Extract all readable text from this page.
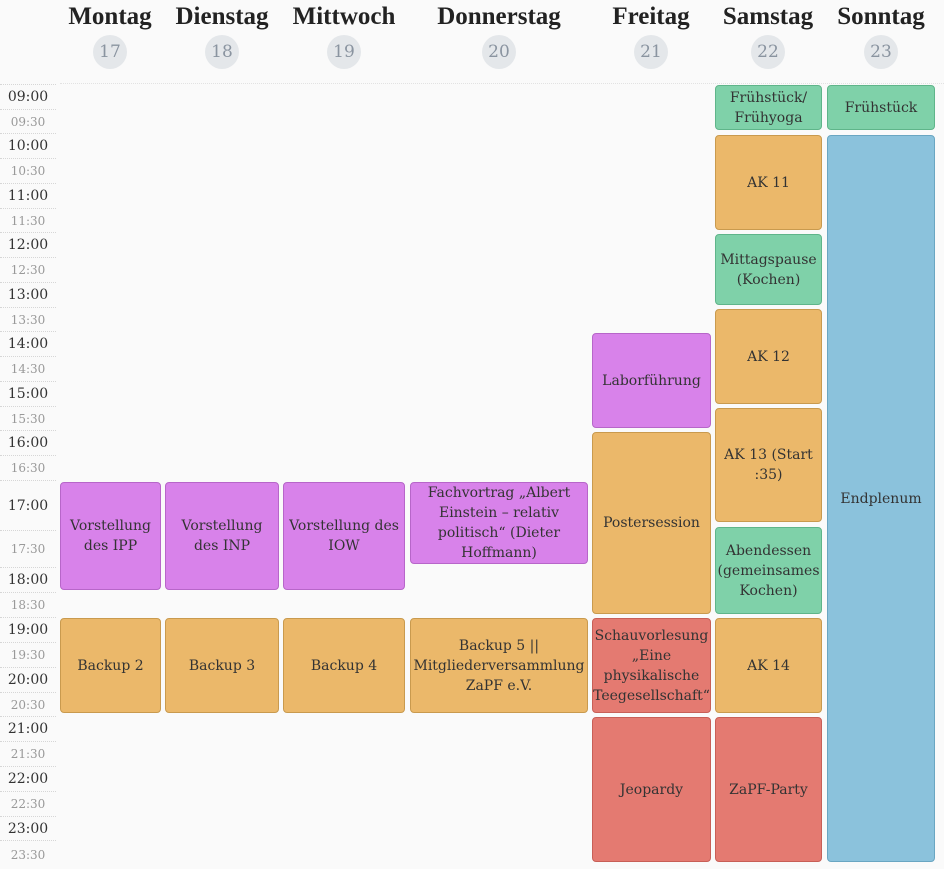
Montag
17
Dienstag
18
Mittwoch
19
Donnerstag
20
Freitag
21
Samstag
22
Sonntag
23
09:00
09:30
10:00
10:30
11:00
11:30
12:00
12:30
13:00
13:30
14:00
14:30
15:00
15:30
16:00
16:30
17:00
17:30
18:00
18:30
19:00
19:30
20:00
20:30
21:00
21:30
22:00
22:30
23:00
23:30
Vorstellung
des IPP
Vorstellung
des INP
Vorstellung des
IOW
Fachvortrag „Albert
Einstein – relativ
politisch“ (Dieter
Hoffmann)
Backup 2	Backup 3	Backup 4
Backup 5 ||
Mitgliederversammlung
ZaPF e.V.
Laborführung
Postersession
Schauvorlesung
„Eine
physikalische
Teegesellschaft“
Jeopardy
Frühstück/
Frühyoga
AK 11
Mittagspause
(Kochen)
AK 12
AK 13 (Start
:35)
Abendessen
(gemeinsames
Kochen)
AK 14
ZaPF-Party
Frühstück
Endplenum
